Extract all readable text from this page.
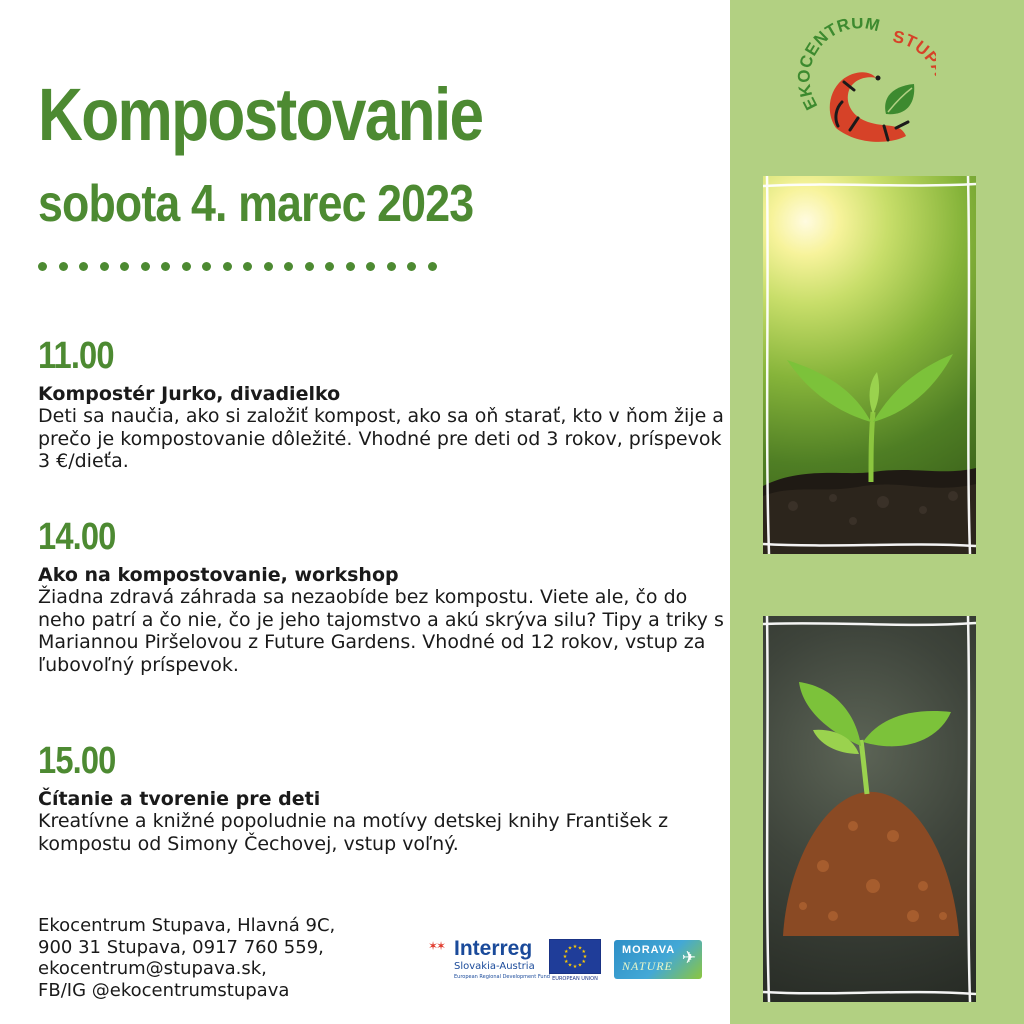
Kompostovanie
sobota 4. marec 2023
11.00
Kompostér Jurko, divadielko
Deti sa naučia, ako si založiť kompost, ako sa oň starať, kto v ňom žije a prečo je kompostovanie dôležité. Vhodné pre deti od 3 rokov, príspevok 3 €/dieťa.
14.00
Ako na kompostovanie, workshop
Žiadna zdravá záhrada sa nezaobíde bez kompostu. Viete ale, čo do neho patrí a čo nie, čo je jeho tajomstvo a akú skrýva silu? Tipy a triky s Mariannou Piršelovou z Future Gardens. Vhodné od 12 rokov, vstup za ľubovoľný príspevok.
15.00
Čítanie a tvorenie pre deti
Kreatívne a knižné popoludnie na motívy detskej knihy František z kompostu od Simony Čechovej, vstup voľný.
Ekocentrum Stupava, Hlavná 9C,
900 31 Stupava, 0917 760 559,
ekocentrum@stupava.sk,
FB/IG @ekocentrumstupava
✶✶ Interreg
Slovakia-Austria
European Regional Development Fund
★ ★
★
★
★
★
★
★
★
★
★
★
EUROPEAN UNION
MORAVA
NATURE ✈
EKOCENTRUM
STU
